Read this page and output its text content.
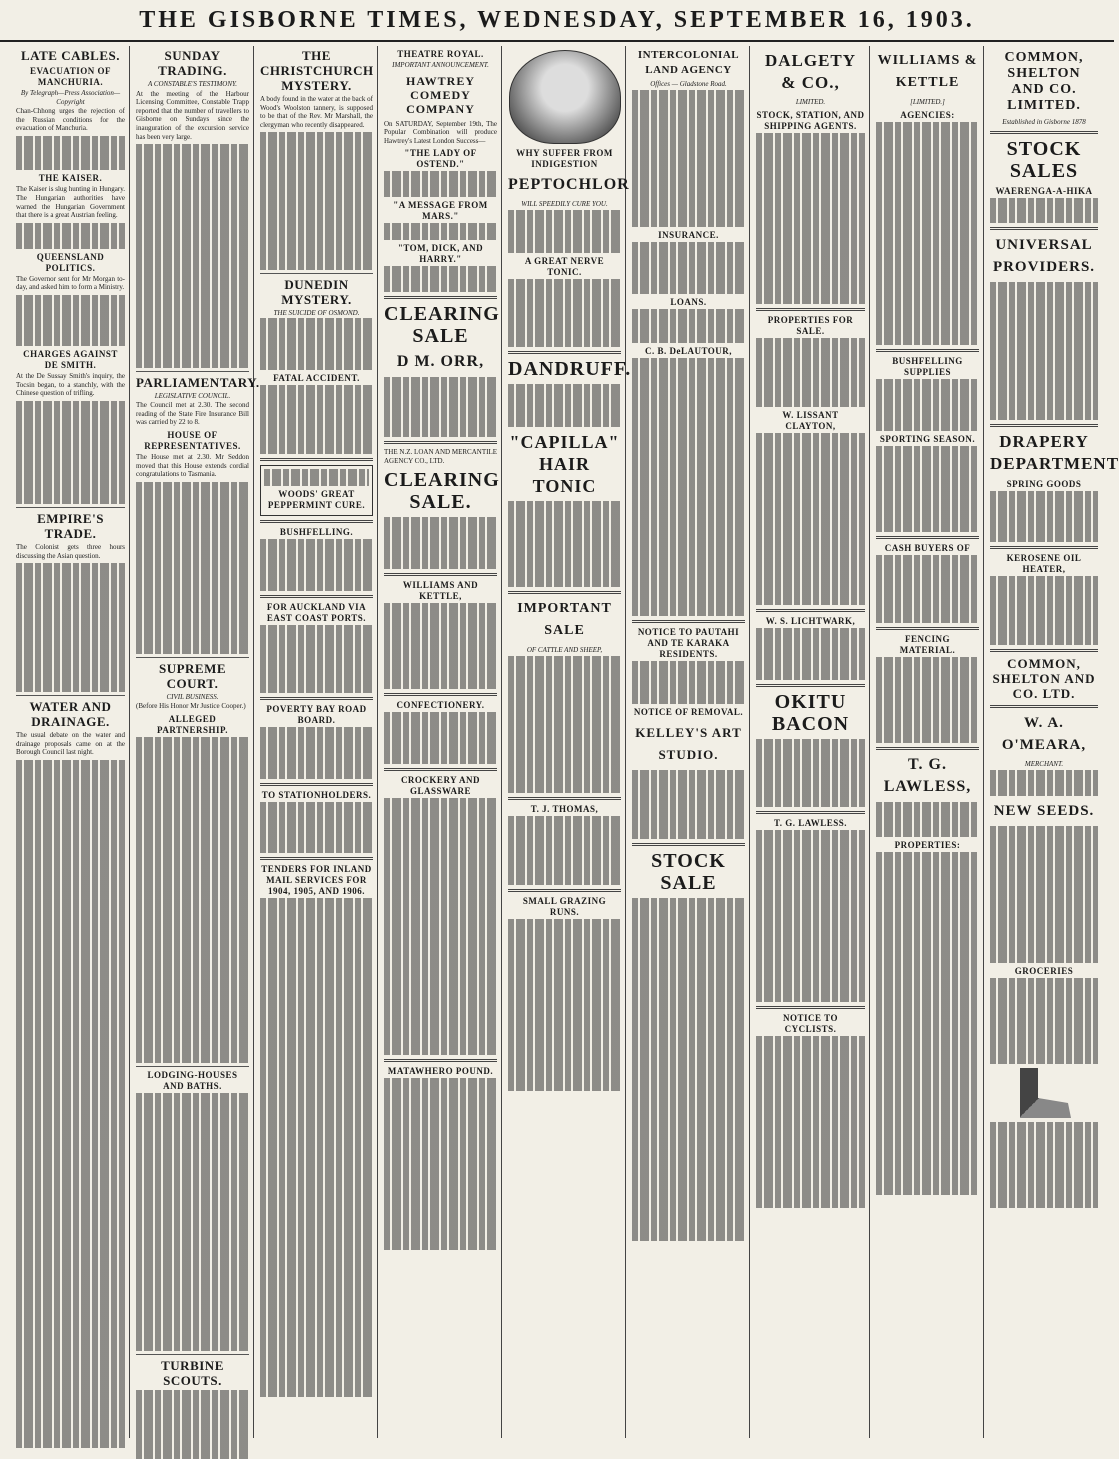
THE GISBORNE TIMES, WEDNESDAY, SEPTEMBER 16, 1903.
LATE CABLES.
EVACUATION OF MANCHURIA.
By Telegraph—Press Association—Copyright

Chan-Chhong urges the rejection of the Russian conditions for the evacuation of Manchuria.

THE KAISER.

The Kaiser is slug hunting in Hungary. The Hungarian authorities have warned the Hungarian Government that there is a great Austrian feeling.

QUEENSLAND POLITICS.

The Governor sent for Mr Morgan to-day, and asked him to form a Ministry.

CHARGES AGAINST DE SMITH.

At the De Sussay Smith's inquiry, the Tocsin began, to a stanchly, with the Chinese question of trifling.

EMPIRE'S TRADE.

The Colonist gets three hours discussing the Asian question.

WATER AND DRAINAGE.

The usual debate on the water and drainage proposals came on at the Borough Council last night.

SUNDAY TRADING.
A CONSTABLE'S TESTIMONY.

At the meeting of the Harbour Licensing Committee, Constable Trapp reported that the number of travellers to Gisborne on Sundays since the inauguration of the excursion service has been very large.

PARLIAMENTARY.
LEGISLATIVE COUNCIL.

The Council met at 2.30. The second reading of the State Fire Insurance Bill was carried by 22 to 8.

HOUSE OF REPRESENTATIVES.

The House met at 2.30. Mr Seddon moved that this House extends cordial congratulations to Tasmania.

SUPREME COURT.
CIVIL BUSINESS.

(Before His Honor Mr Justice Cooper.)

ALLEGED PARTNERSHIP.
LODGING-HOUSES AND BATHS.
TURBINE SCOUTS.
THE CHRISTCHURCH MYSTERY.

A body found in the water at the back of Wood's Woolston tannery, is supposed to be that of the Rev. Mr Marshall, the clergyman who recently disappeared.

DUNEDIN MYSTERY.
THE SUICIDE OF OSMOND.
FATAL ACCIDENT.
WOODS' GREAT PEPPERMINT CURE.
BUSHFELLING.
FOR AUCKLAND VIA EAST COAST PORTS.
POVERTY BAY ROAD BOARD.
TO STATIONHOLDERS.
TENDERS FOR INLAND MAIL SERVICES FOR 1904, 1905, AND 1906.
THEATRE ROYAL.
IMPORTANT ANNOUNCEMENT.
HAWTREY COMEDY COMPANY

On SATURDAY, September 19th, The Popular Combination will produce Hawtrey's Latest London Success—

"THE LADY OF OSTEND."
"A MESSAGE FROM MARS."
"TOM, DICK, AND HARRY."
CLEARING SALE
D M. ORR,

THE N.Z. LOAN AND MERCANTILE AGENCY CO., LTD.

CLEARING SALE.
WILLIAMS AND KETTLE,
CONFECTIONERY.
CROCKERY AND GLASSWARE
MATAWHERO POUND.
WHY SUFFER FROM INDIGESTION
PEPTOCHLOR
WILL SPEEDILY CURE YOU.
A GREAT NERVE TONIC.
DANDRUFF.
"CAPILLA" HAIR TONIC
IMPORTANT SALE
OF CATTLE AND SHEEP,
T. J. THOMAS,
SMALL GRAZING RUNS.
INTERCOLONIAL LAND AGENCY
Offices — Gladstone Road.
INSURANCE.
LOANS.
C. B. DeLAUTOUR,
NOTICE TO PAUTAHI AND TE KARAKA RESIDENTS.
NOTICE OF REMOVAL.
KELLEY'S ART STUDIO.
STOCK SALE
DALGETY & CO.,
LIMITED.
STOCK, STATION, AND SHIPPING AGENTS.
PROPERTIES FOR SALE.
W. LISSANT CLAYTON,
W. S. LICHTWARK,
OKITU BACON
T. G. LAWLESS.
NOTICE TO CYCLISTS.
WILLIAMS & KETTLE
[LIMITED.]
AGENCIES:
BUSHFELLING SUPPLIES
SPORTING SEASON.
CASH BUYERS OF
FENCING MATERIAL.
T. G. LAWLESS,
PROPERTIES:
COMMON, SHELTON AND CO. LIMITED.
Established in Gisborne 1878
STOCK SALES
WAERENGA-A-HIKA
UNIVERSAL PROVIDERS.
DRAPERY DEPARTMENT
SPRING GOODS
KEROSENE OIL HEATER,
COMMON, SHELTON AND CO. LTD.
W. A. O'MEARA,
MERCHANT.
NEW SEEDS.
GROCERIES
